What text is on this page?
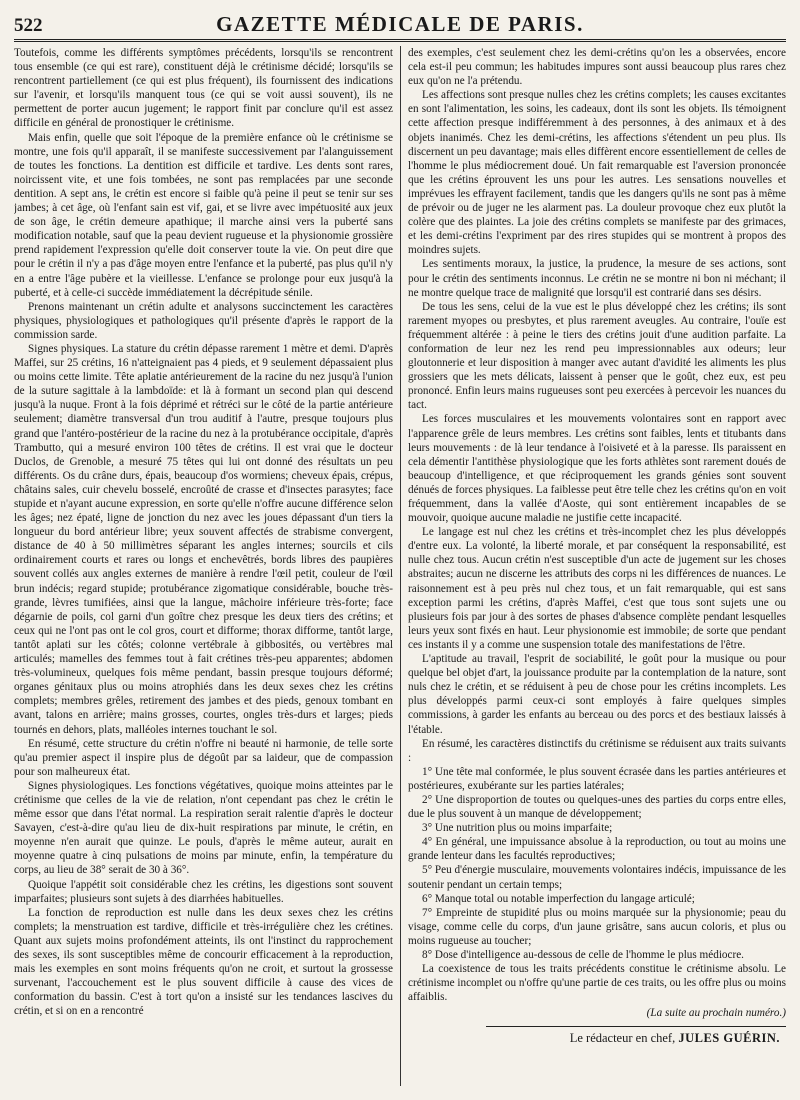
522	GAZETTE MÉDICALE DE PARIS.

Toutefois, comme les différents symptômes précédents, lorsqu'ils se rencontrent tous ensemble (ce qui est rare), constituent déjà le crétinisme décidé; lorsqu'ils se rencontrent partiellement (ce qui est plus fréquent), ils fournissent des indications sur l'avenir, et lorsqu'ils manquent tous (ce qui se voit aussi souvent), ils ne permettent de porter aucun jugement; le rapport finit par conclure qu'il est assez difficile en général de pronostiquer le crétinisme.

Mais enfin, quelle que soit l'époque de la première enfance où le crétinisme se montre, une fois qu'il apparaît, il se manifeste successivement par l'alanguissement de toutes les fonctions. La dentition est difficile et tardive. Les dents sont rares, noircissent vite, et une fois tombées, ne sont pas remplacées par une seconde dentition. A sept ans, le crétin est encore si faible qu'à peine il peut se tenir sur ses jambes; à cet âge, où l'enfant sain est vif, gai, et se livre avec impétuosité aux jeux de son âge, le crétin demeure apathique; il marche ainsi vers la puberté sans modification notable, sauf que la peau devient rugueuse et la physionomie grossière prend rapidement l'expression qu'elle doit conserver toute la vie. On peut dire que pour le crétin il n'y a pas d'âge moyen entre l'enfance et la puberté, pas plus qu'il n'y en a entre l'âge pubère et la vieillesse. L'enfance se prolonge pour eux jusqu'à la puberté, et à celle-ci succède immédiatement la décrépitude sénile.

Prenons maintenant un crétin adulte et analysons succinctement les caractères physiques, physiologiques et pathologiques qu'il présente d'après le rapport de la commission sarde.

Signes physiques. La stature du crétin dépasse rarement 1 mètre et demi. D'après Maffei, sur 25 crétins, 16 n'atteignaient pas 4 pieds, et 9 seulement dépassaient plus ou moins cette limite. Tête aplatie antérieurement de la racine du nez jusqu'à l'union de la suture sagittale à la lambdoïde: et là à formant un second plan qui descend jusqu'à la nuque. Front à la fois déprimé et rétréci sur le côté de la partie antérieure seulement; diamètre transversal d'un trou auditif à l'autre, presque toujours plus grand que l'antéro-postérieur de la racine du nez à la protubérance occipitale, d'après Trambutto, qui a mesuré environ 100 têtes de crétins. Il est vrai que le docteur Duclos, de Grenoble, a mesuré 75 têtes qui lui ont donné des résultats un peu différents. Os du crâne durs, épais, beaucoup d'os wormiens; cheveux épais, crépus, châtains sales, cuir chevelu bosselé, encroûté de crasse et d'insectes parasytes; face stupide et n'ayant aucune expression, en sorte qu'elle n'offre aucune différence selon les âges; nez épaté, ligne de jonction du nez avec les joues dépassant d'un tiers la longueur du bord antérieur libre; yeux souvent affectés de strabisme convergent, distance de 40 à 50 millimètres séparant les angles internes; sourcils et cils ordinairement courts et rares ou longs et enchevêtrés, bords libres des paupières souvent collés aux angles externes de manière à rendre l'œil petit, couleur de l'œil brun indécis; regard stupide; protubérance zigomatique considérable, bouche très-grande, lèvres tumifiées, ainsi que la langue, mâchoire inférieure très-forte; face dégarnie de poils, col garni d'un goître chez presque les deux tiers des crétins; et ceux qui ne l'ont pas ont le col gros, court et difforme; thorax difforme, tantôt large, tantôt aplati sur les côtés; colonne vertébrale à gibbosités, ou vertèbres mal articulés; mamelles des femmes tout à fait crétines très-peu apparentes; abdomen très-volumineux, quelques fois même pendant, bassin presque toujours déformé; organes génitaux plus ou moins atrophiés dans les deux sexes chez les crétins complets; membres grêles, retirement des jambes et des pieds, genoux tombant en avant, talons en arrière; mains grosses, courtes, ongles très-durs et larges; pieds tournés en dehors, plats, malléoles internes touchant le sol.

En résumé, cette structure du crétin n'offre ni beauté ni harmonie, de telle sorte qu'au premier aspect il inspire plus de dégoût par sa laideur, que de compassion pour son malheureux état.

Signes physiologiques. Les fonctions végétatives, quoique moins atteintes par le crétinisme que celles de la vie de relation, n'ont cependant pas chez le crétin le même essor que dans l'état normal. La respiration serait ralentie d'après le docteur Savayen, c'est-à-dire qu'au lieu de dix-huit respirations par minute, le crétin, en moyenne n'en aurait que quinze. Le pouls, d'après le même auteur, aurait en moyenne quatre à cinq pulsations de moins par minute, enfin, la température du corps, au lieu de 38° serait de 30 à 36°.

Quoique l'appétit soit considérable chez les crétins, les digestions sont souvent imparfaites; plusieurs sont sujets à des diarrhées habituelles.

La fonction de reproduction est nulle dans les deux sexes chez les crétins complets; la menstruation est tardive, difficile et très-irrégulière chez les crétines. Quant aux sujets moins profondément atteints, ils ont l'instinct du rapprochement des sexes, ils sont susceptibles même de concourir efficacement à la reproduction, mais les exemples en sont moins fréquents qu'on ne croit, et surtout la grossesse survenant, l'accouchement est le plus souvent difficile à cause des vices de conformation du bassin. C'est à tort qu'on a insisté sur les tendances lascives du crétin, et si on en a rencontré

des exemples, c'est seulement chez les demi-crétins qu'on les a observées, encore cela est-il peu commun; les habitudes impures sont aussi beaucoup plus rares chez eux qu'on ne l'a prétendu.

Les affections sont presque nulles chez les crétins complets; les causes excitantes en sont l'alimentation, les soins, les cadeaux, dont ils sont les objets. Ils témoignent cette affection presque indifféremment à des personnes, à des animaux et à des objets inanimés. Chez les demi-crétins, les affections s'étendent un peu plus. Ils discernent un peu davantage; mais elles diffèrent encore essentiellement de celles de l'homme le plus médiocrement doué. Un fait remarquable est l'aversion prononcée que les crétins éprouvent les uns pour les autres. Les sensations nouvelles et imprévues les effrayent facilement, tandis que les dangers qu'ils ne sont pas à même de prévoir ou de juger ne les alarment pas. La douleur provoque chez eux plutôt la colère que des plaintes. La joie des crétins complets se manifeste par des grimaces, et les demi-crétins l'expriment par des rires stupides qui se montrent à propos des moindres sujets.

Les sentiments moraux, la justice, la prudence, la mesure de ses actions, sont pour le crétin des sentiments inconnus. Le crétin ne se montre ni bon ni méchant; il ne montre quelque trace de malignité que lorsqu'il est contrarié dans ses désirs.

De tous les sens, celui de la vue est le plus développé chez les crétins; ils sont rarement myopes ou presbytes, et plus rarement aveugles. Au contraire, l'ouïe est fréquemment altérée : à peine le tiers des crétins jouit d'une audition parfaite. La conformation de leur nez les rend peu impressionnables aux odeurs; leur gloutonnerie et leur disposition à manger avec autant d'avidité les aliments les plus grossiers que les mets délicats, laissent à penser que le goût, chez eux, est peu prononcé. Enfin leurs mains rugueuses sont peu exercées à percevoir les nuances du tact.

Les forces musculaires et les mouvements volontaires sont en rapport avec l'apparence grêle de leurs membres. Les crétins sont faibles, lents et titubants dans leurs mouvements : de là leur tendance à l'oisiveté et à la paresse. Ils paraissent en cela démentir l'antithèse physiologique que les forts athlètes sont rarement doués de beaucoup d'intelligence, et que réciproquement les grands génies sont souvent dénués de forces physiques. La faiblesse peut être telle chez les crétins qu'on en voit fréquemment, dans la vallée d'Aoste, qui sont entièrement incapables de se mouvoir, quoique aucune maladie ne justifie cette incapacité.

Le langage est nul chez les crétins et très-incomplet chez les plus développés d'entre eux. La volonté, la liberté morale, et par conséquent la responsabilité, est nulle chez tous. Aucun crétin n'est susceptible d'un acte de jugement sur les choses abstraites; aucun ne discerne les attributs des corps ni les différences de nuances. Le raisonnement est à peu près nul chez tous, et un fait remarquable, qui est sans exception parmi les crétins, d'après Maffei, c'est que tous sont sujets une ou plusieurs fois par jour à des sortes de phases d'absence complète pendant lesquelles leurs yeux sont fixés en haut. Leur physionomie est immobile; de sorte que pendant ces instants il y a comme une suspension totale des manifestations de l'être.

L'aptitude au travail, l'esprit de sociabilité, le goût pour la musique ou pour quelque bel objet d'art, la jouissance produite par la contemplation de la nature, sont nuls chez le crétin, et se réduisent à peu de chose pour les crétins incomplets. Les plus développés parmi ceux-ci sont employés à faire quelques simples commissions, à garder les enfants au berceau ou des porcs et des bestiaux laissés à l'étable.

En résumé, les caractères distinctifs du crétinisme se réduisent aux traits suivants :

1° Une tête mal conformée, le plus souvent écrasée dans les parties antérieures et postérieures, exubérante sur les parties latérales;

2° Une disproportion de toutes ou quelques-unes des parties du corps entre elles, due le plus souvent à un manque de développement;

3° Une nutrition plus ou moins imparfaite;

4° En général, une impuissance absolue à la reproduction, ou tout au moins une grande lenteur dans les facultés reproductives;

5° Peu d'énergie musculaire, mouvements volontaires indécis, impuissance de les soutenir pendant un certain temps;

6° Manque total ou notable imperfection du langage articulé;

7° Empreinte de stupidité plus ou moins marquée sur la physionomie; peau du visage, comme celle du corps, d'un jaune grisâtre, sans aucun coloris, et plus ou moins rugueuse au toucher;

8° Dose d'intelligence au-dessous de celle de l'homme le plus médiocre.

La coexistence de tous les traits précédents constitue le crétinisme absolu. Le crétinisme incomplet ou n'offre qu'une partie de ces traits, ou les offre plus ou moins affaiblis.

(La suite au prochain numéro.)
Le rédacteur en chef, JULES GUÉRIN.
